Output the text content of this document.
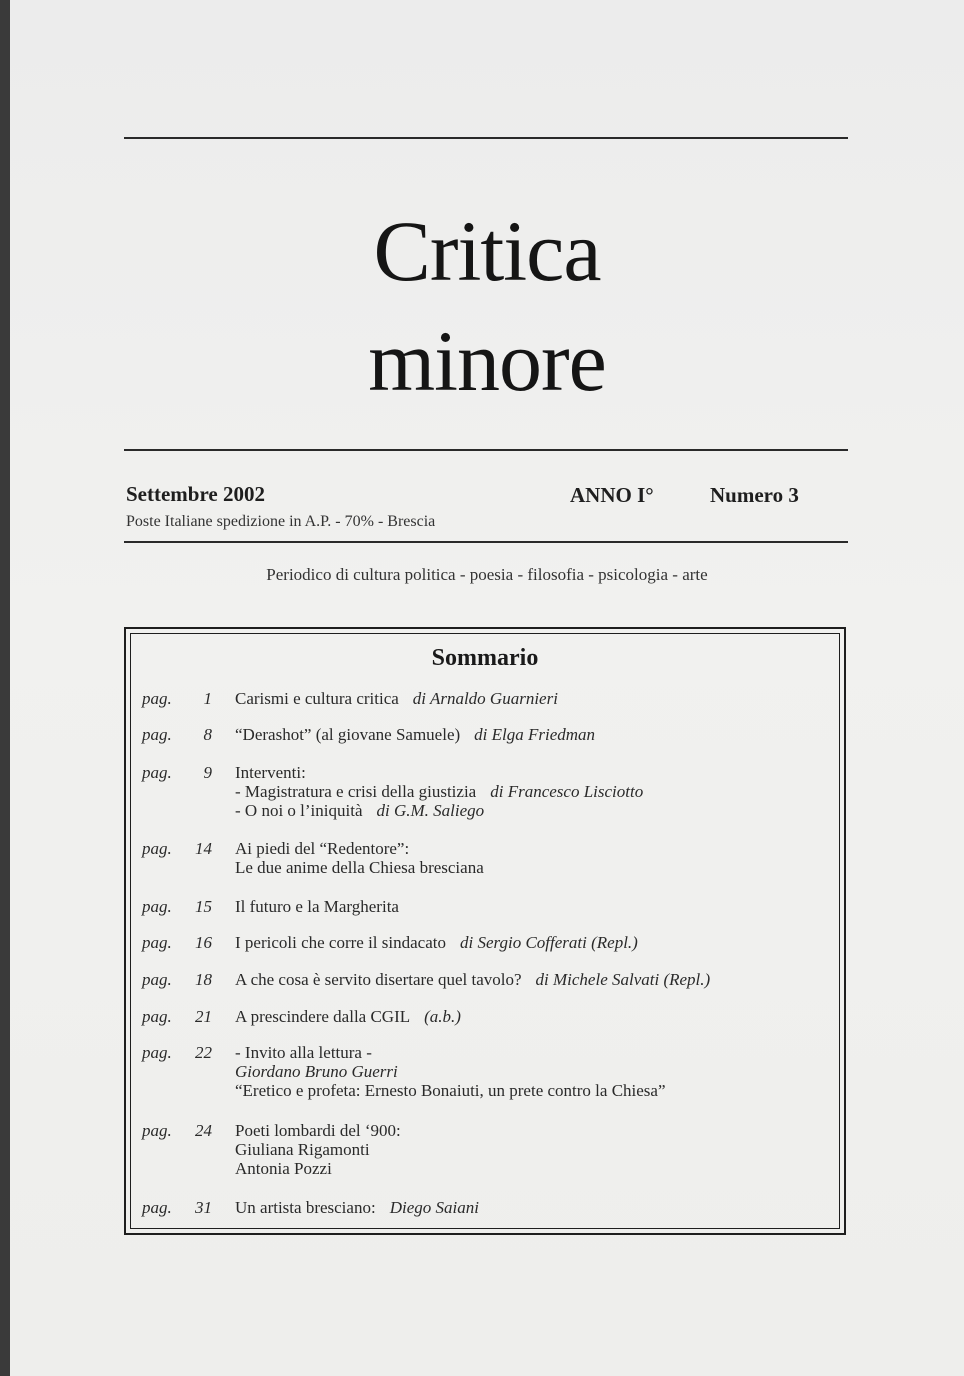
Critica
minore
Settembre 2002
Poste Italiane spedizione in A.P. - 70% - Brescia
ANNO I°	Numero 3
Periodico di cultura politica - poesia - filosofia - psicologia - arte
Sommario
pag. 1 Carismi e cultura critica di Arnaldo Guarnieri
pag. 8 “Derashot” (al giovane Samuele) di Elga Friedman
pag. 9 Interventi:
- Magistratura e crisi della giustizia di Francesco Lisciotto
- O noi o l’iniquità di G.M. Saliego
pag. 14 Ai piedi del “Redentore”:
Le due anime della Chiesa bresciana
pag. 15 Il futuro e la Margherita
pag. 16 I pericoli che corre il sindacato di Sergio Cofferati (Repl.)
pag. 18 A che cosa è servito disertare quel tavolo? di Michele Salvati (Repl.)
pag. 21 A prescindere dalla CGIL (a.b.)
pag. 22 - Invito alla lettura -
Giordano Bruno Guerri
“Eretico e profeta: Ernesto Bonaiuti, un prete contro la Chiesa”
pag. 24 Poeti lombardi del ‘900:
Giuliana Rigamonti
Antonia Pozzi
pag. 31 Un artista bresciano: Diego Saiani
